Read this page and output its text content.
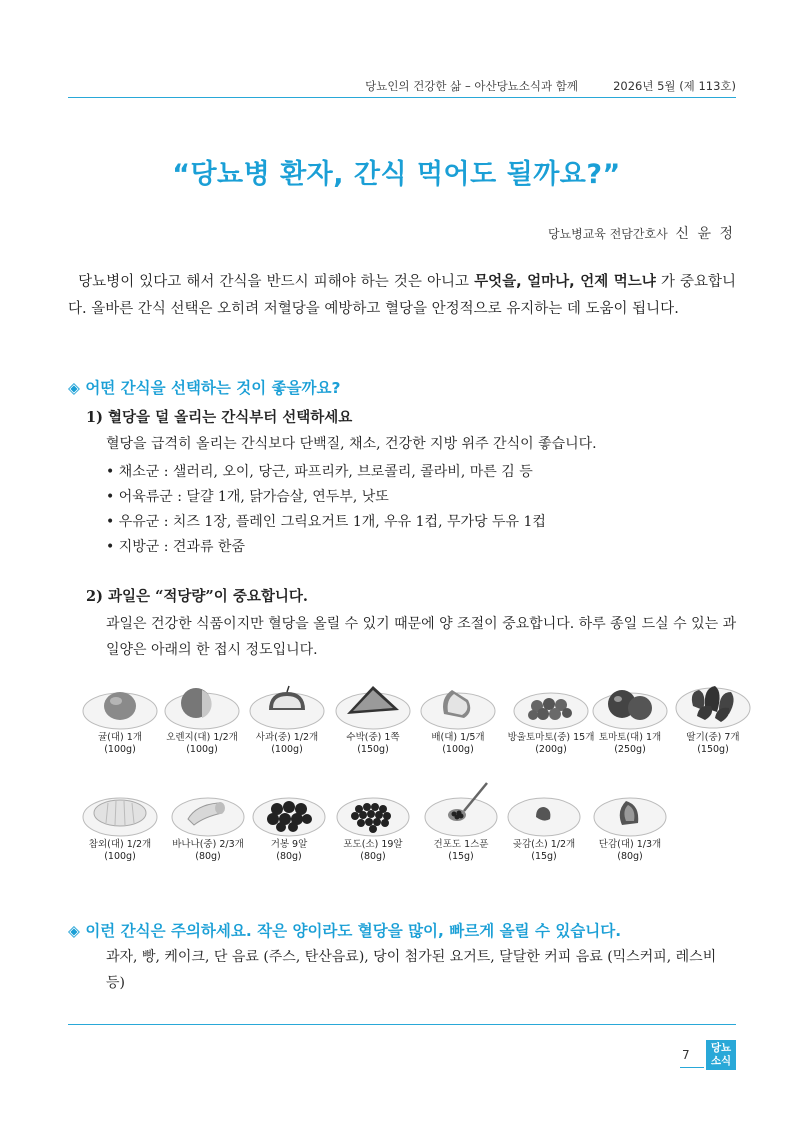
당뇨인의 건강한 삶 – 아산당뇨소식과 함께	2026년 5월 (제 113호)
“당뇨병 환자, 간식 먹어도 될까요?”
당뇨병교육 전담간호사 신 윤 정
당뇨병이 있다고 해서 간식을 반드시 피해야 하는 것은 아니고 무엇을, 얼마나, 언제 먹느냐 가 중요합니다. 올바른 간식 선택은 오히려 저혈당을 예방하고 혈당을 안정적으로 유지하는 데 도움이 됩니다.
◈ 어떤 간식을 선택하는 것이 좋을까요?
1) 혈당을 덜 올리는 간식부터 선택하세요
혈당을 급격히 올리는 간식보다 단백질, 채소, 건강한 지방 위주 간식이 좋습니다.
• 채소군 : 샐러리, 오이, 당근, 파프리카, 브로콜리, 콜라비, 마른 김 등
• 어육류군 : 달걀 1개, 닭가슴살, 연두부, 낫또
• 우유군 : 치즈 1장, 플레인 그릭요거트 1개, 우유 1컵, 무가당 두유 1컵
• 지방군 : 견과류 한줌
2) 과일은 “적당량”이 중요합니다.
과일은 건강한 식품이지만 혈당을 올릴 수 있기 때문에 양 조절이 중요합니다. 하루 종일 드실 수 있는 과일양은 아래의 한 접시 정도입니다.
귤(대) 1개
(100g)
오렌지(대) 1/2개
(100g)
사과(중) 1/2개
(100g)
수박(중) 1쪽
(150g)
배(대) 1/5개
(100g)
방울토마토(중) 15개
(200g)
토마토(대) 1개
(250g)
딸기(중) 7개
(150g)
참외(대) 1/2개
(100g)
바나나(중) 2/3개
(80g)
거봉 9알
(80g)
포도(소) 19알
(80g)
건포도 1스푼
(15g)
곶감(소) 1/2개
(15g)
단감(대) 1/3개
(80g)
◈ 이런 간식은 주의하세요. 작은 양이라도 혈당을 많이, 빠르게 올릴 수 있습니다.
과자, 빵, 케이크, 단 음료 (주스, 탄산음료), 당이 첨가된 요거트, 달달한 커피 음료 (믹스커피, 레스비 등)
7	당뇨
소식
